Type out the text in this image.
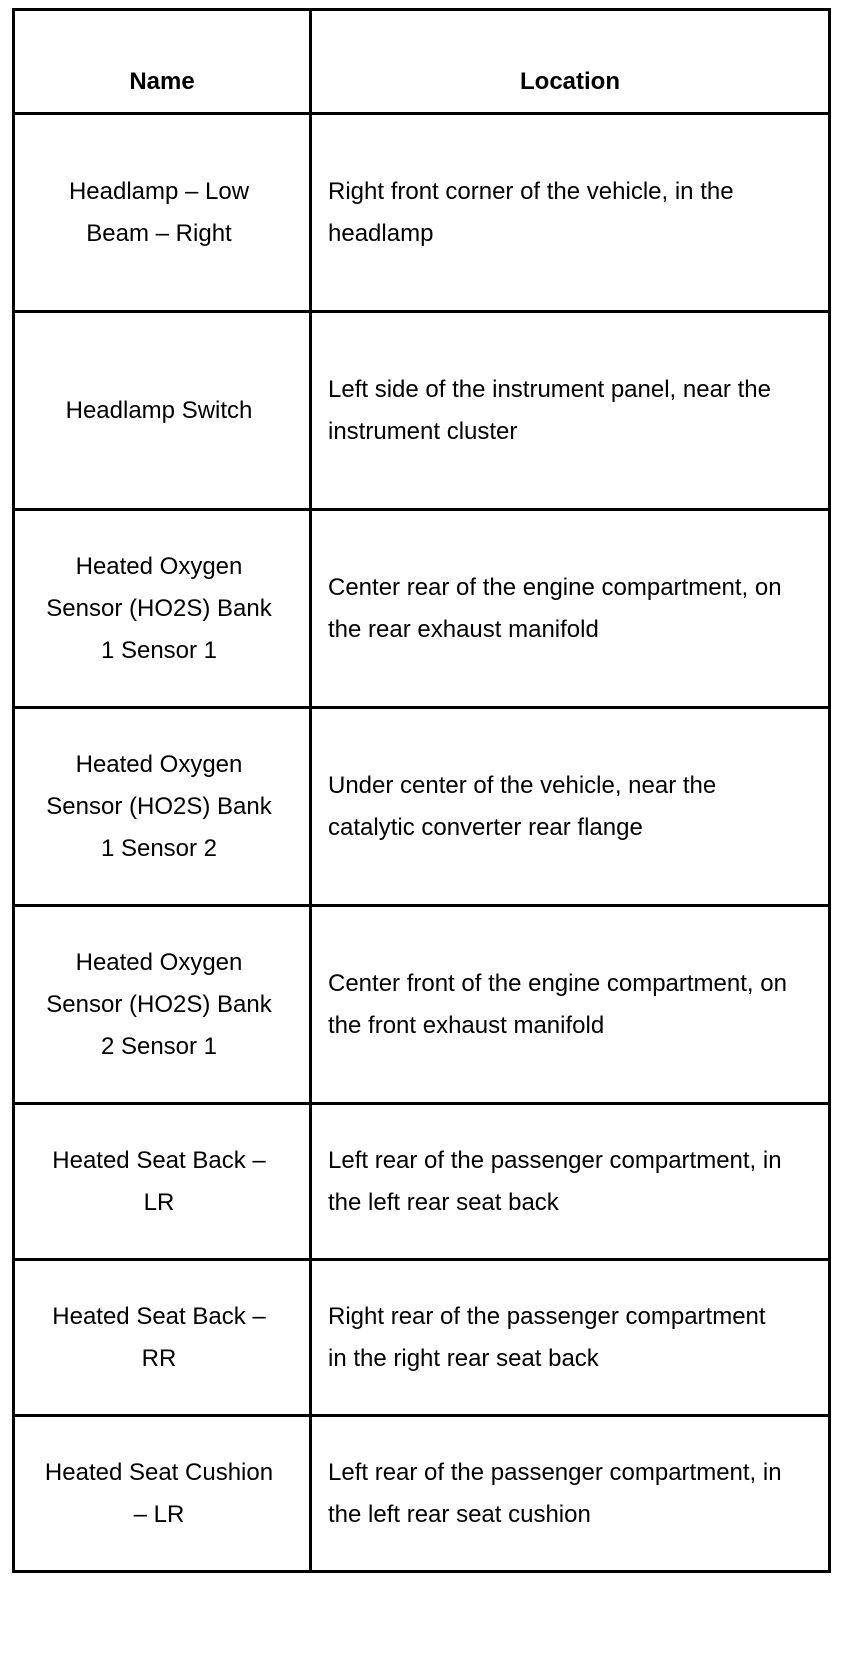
Name	Location
Headlamp – Low Beam – Right	Right front corner of the vehicle, in the headlamp
Headlamp Switch	Left side of the instrument panel, near the instrument cluster
Heated Oxygen Sensor (HO2S) Bank 1 Sensor 1	Center rear of the engine compartment, on the rear exhaust manifold
Heated Oxygen Sensor (HO2S) Bank 1 Sensor 2	Under center of the vehicle, near the catalytic converter rear flange
Heated Oxygen Sensor (HO2S) Bank 2 Sensor 1	Center front of the engine compartment, on the front exhaust manifold
Heated Seat Back – LR	Left rear of the passenger compartment, in the left rear seat back
Heated Seat Back – RR	Right rear of the passenger compartment in the right rear seat back
Heated Seat Cushion – LR	Left rear of the passenger compartment, in the left rear seat cushion
